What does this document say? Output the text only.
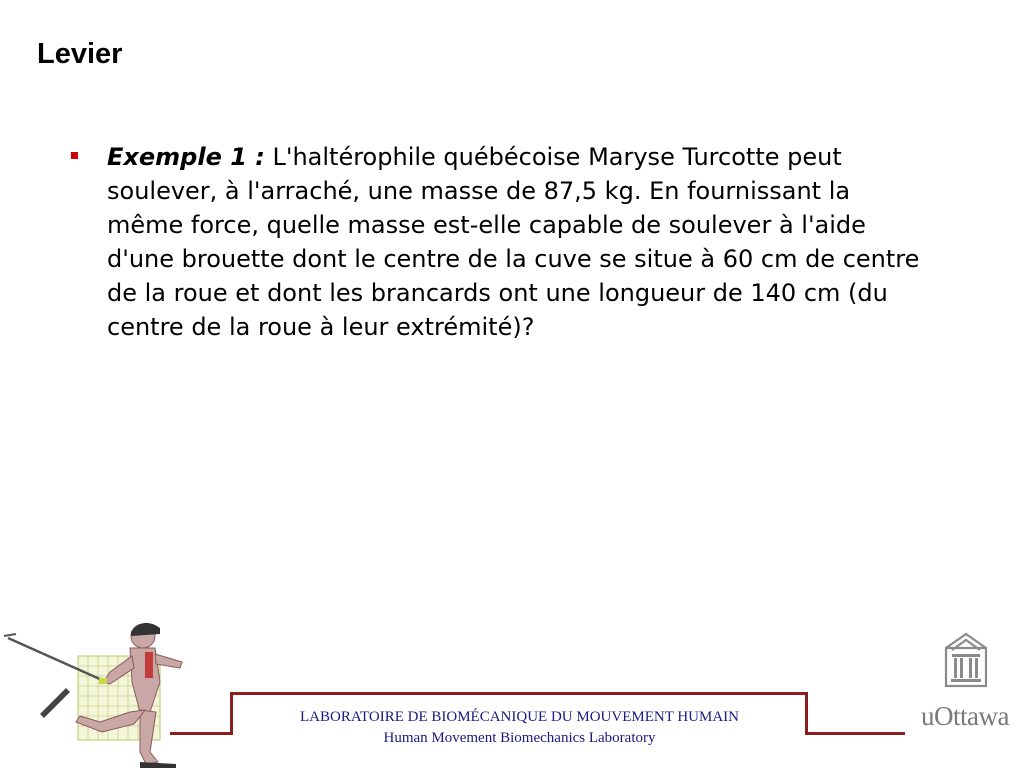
Levier
Exemple 1 : L'haltérophile québécoise Maryse Turcotte peut soulever, à l'arraché, une masse de 87,5 kg. En fournissant la même force, quelle masse est-elle capable de soulever à l'aide d'une brouette dont le centre de la cuve se situe à 60 cm de centre de la roue et dont les brancards ont une longueur de 140 cm (du centre de la roue à leur extrémité)?
LABORATOIRE DE BIOMÉCANIQUE DU MOUVEMENT HUMAIN
Human Movement Biomechanics Laboratory
uOttawa
